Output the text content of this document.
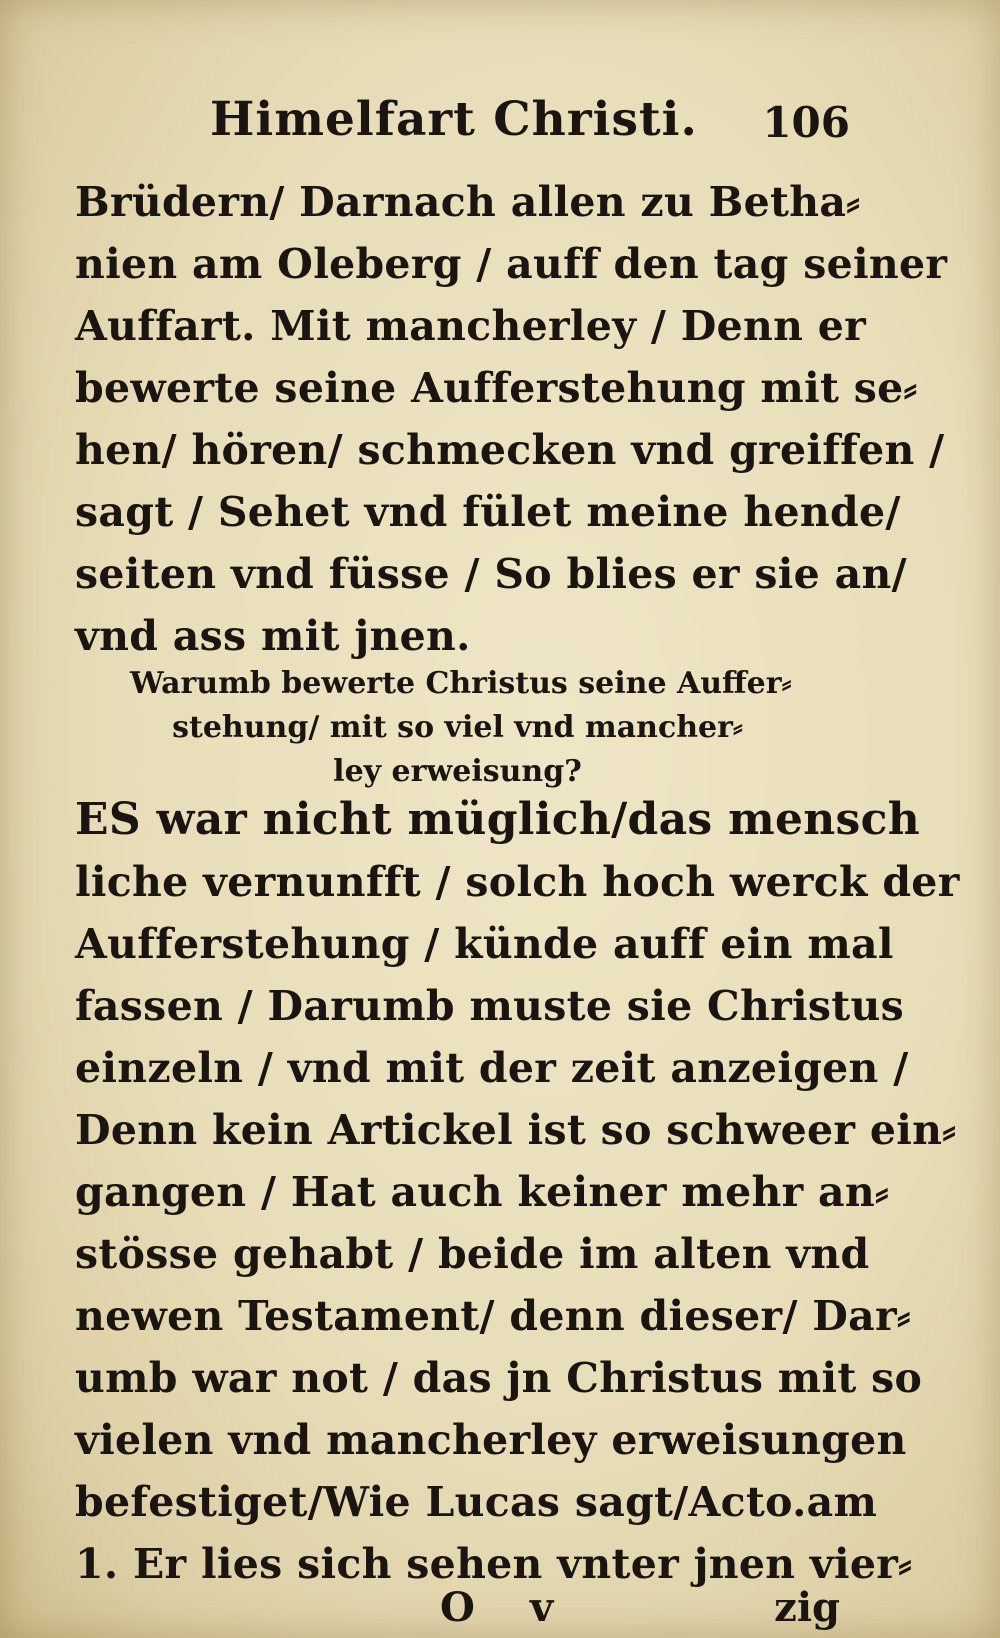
Himelfart Christi. 106
Brüdern/ Darnach allen zu Betha⸗
nien am Oleberg / auff den tag seiner
Auffart. Mit mancherley / Denn er
bewerte seine Aufferstehung mit se⸗
hen/ hören/ schmecken vnd greiffen /
sagt / Sehet vnd fület meine hende/
seiten vnd füsse / So blies er sie an/
vnd ass mit jnen.
Warumb bewerte Christus seine Auffer⸗
stehung/ mit so viel vnd mancher⸗
ley erweisung?
ES war nicht müglich/das mensch
liche vernunfft / solch hoch werck der
Aufferstehung / künde auff ein mal
fassen / Darumb muste sie Christus
einzeln / vnd mit der zeit anzeigen /
Denn kein Artickel ist so schweer ein⸗
gangen / Hat auch keiner mehr an⸗
stösse gehabt / beide im alten vnd
newen Testament/ denn dieser/ Dar⸗
umb war not / das jn Christus mit so
vielen vnd mancherley erweisungen
befestiget/Wie Lucas sagt/Acto.am
1. Er lies sich sehen vnter jnen vier⸗
O v	zig
